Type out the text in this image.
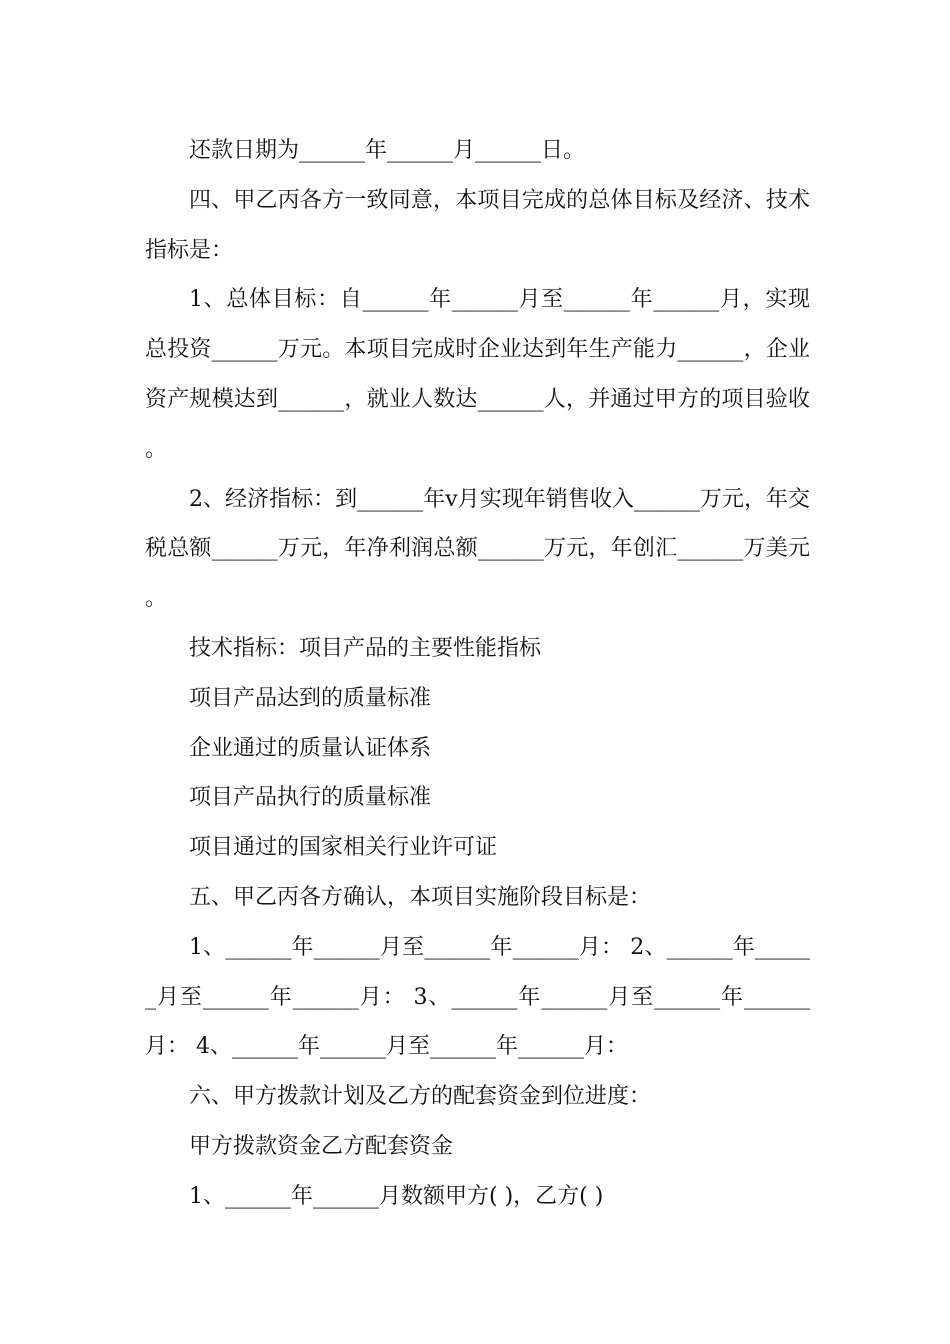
还款日期为______年______月______日。

四、甲乙丙各方一致同意，本项目完成的总体目标及经济、技术指标是：

1、总体目标：自______年______月至______年______月，实现总投资______万元。本项目完成时企业达到年生产能力______，企业资产规模达到______，就业人数达______人，并通过甲方的项目验收。

2、经济指标：到______年v月实现年销售收入______万元，年交税总额______万元，年净利润总额______万元，年创汇______万美元。

技术指标：项目产品的主要性能指标

项目产品达到的质量标准

企业通过的质量认证体系

项目产品执行的质量标准

项目通过的国家相关行业许可证

五、甲乙丙各方确认，本项目实施阶段目标是：

1、______年______月至______年______月： 2、______年______月至______年______月： 3、______年______月至______年______月： 4、______年______月至______年______月：

六、甲方拨款计划及乙方的配套资金到位进度：

甲方拨款资金乙方配套资金

1、______年______月数额甲方( )，乙方( )
